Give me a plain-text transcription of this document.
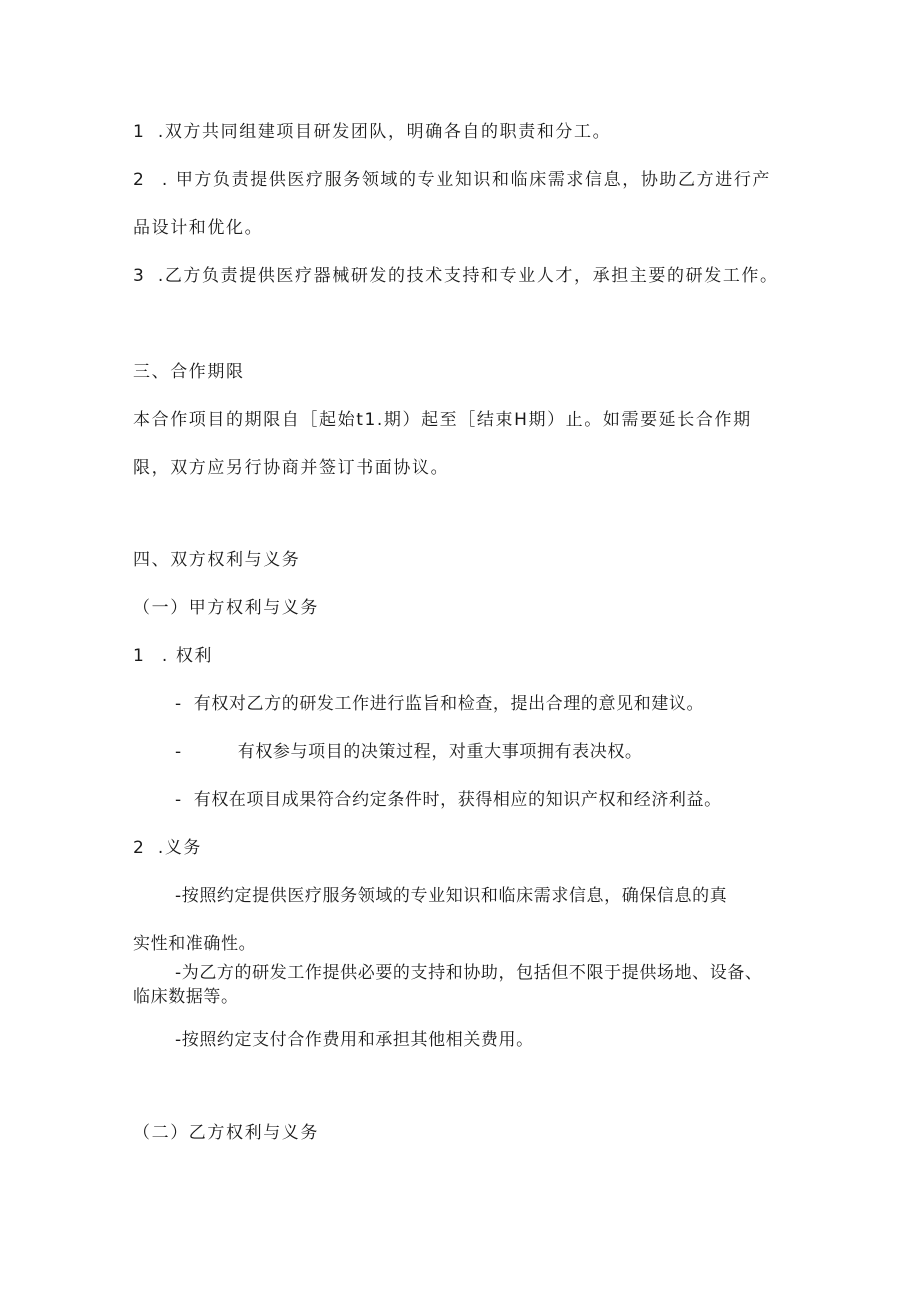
1 .双方共同组建项目研发团队，明确各自的职责和分工。
2 . 甲方负责提供医疗服务领域的专业知识和临床需求信息，协助乙方进行产
品设计和优化。
3 .乙方负责提供医疗器械研发的技术支持和专业人才，承担主要的研发工作。
三、合作期限
本合作项目的期限自［起始t1.期）起至［结束H期）止。如需要延长合作期
限，双方应另行协商并签订书面协议。
四、双方权利与义务
（一）甲方权利与义务
1 . 权利
- 有权对乙方的研发工作进行监旨和检查，提出合理的意见和建议。
-	有权参与项目的决策过程，对重大事项拥有表决权。
- 有权在项目成果符合约定条件时，获得相应的知识产权和经济利益。
2 .义务
-按照约定提供医疗服务领域的专业知识和临床需求信息，确保信息的真
实性和准确性。
-为乙方的研发工作提供必要的支持和协助，包括但不限于提供场地、设备、
临床数据等。
-按照约定支付合作费用和承担其他相关费用。
（二）乙方权利与义务
